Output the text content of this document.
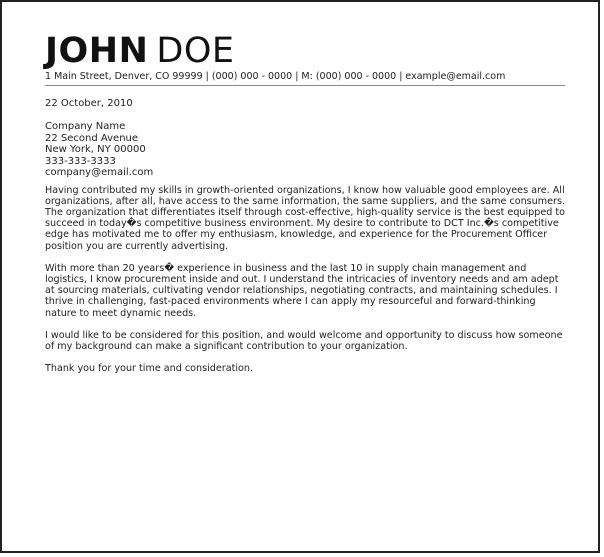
JOHN DOE
1 Main Street, Denver, CO 99999 | (000) 000 - 0000 | M: (000) 000 - 0000 | example@email.com
22 October, 2010
Company Name
22 Second Avenue
New York, NY 00000
333-333-3333
company@email.com

Having contributed my skills in growth-oriented organizations, I know how valuable good employees are. All organizations, after all, have access to the same information, the same suppliers, and the same consumers. The organization that differentiates itself through cost-effective, high-quality service is the best equipped to succeed in today�s competitive business environment. My desire to contribute to DCT Inc.�s competitive edge has motivated me to offer my enthusiasm, knowledge, and experience for the Procurement Officer position you are currently advertising.

With more than 20 years� experience in business and the last 10 in supply chain management and logistics, I know procurement inside and out. I understand the intricacies of inventory needs and am adept at sourcing materials, cultivating vendor relationships, negotiating contracts, and maintaining schedules. I thrive in challenging, fast-paced environments where I can apply my resourceful and forward-thinking nature to meet dynamic needs.

I would like to be considered for this position, and would welcome and opportunity to discuss how someone of my background can make a significant contribution to your organization.

Thank you for your time and consideration.
